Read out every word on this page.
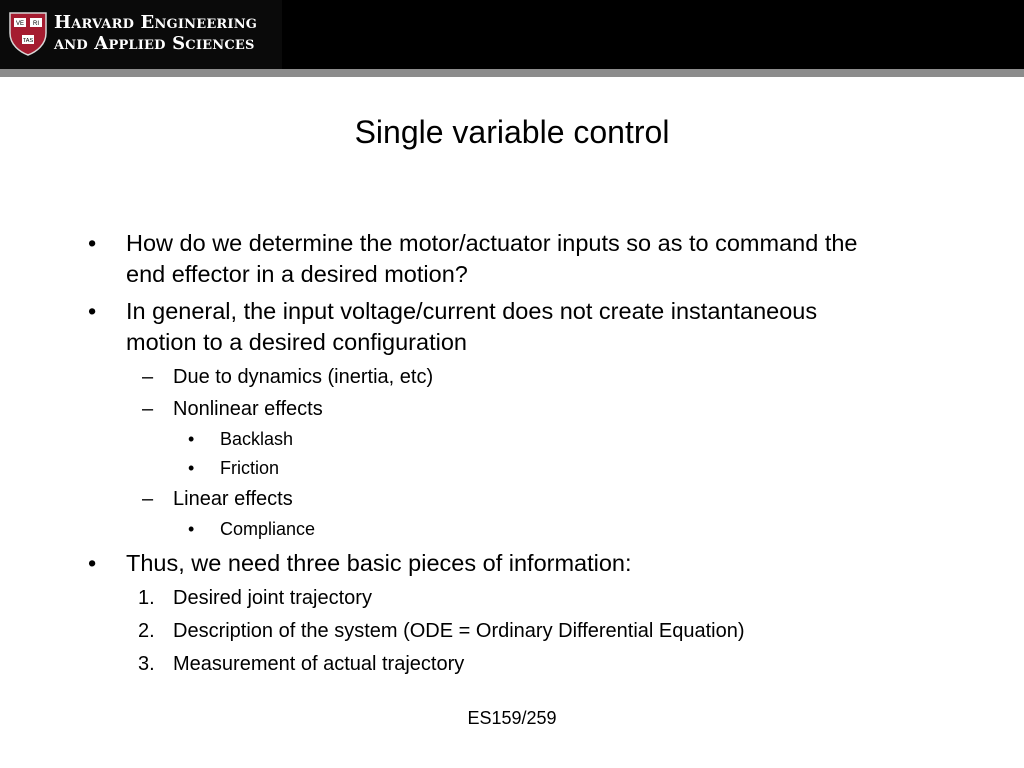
VE RI
TAS
Harvard Engineering
and Applied Sciences
Single variable control
• How do we determine the motor/actuator inputs so as to command the
end effector in a desired motion?
• In general, the input voltage/current does not create instantaneous
motion to a desired configuration
– Due to dynamics (inertia, etc)
– Nonlinear effects
• Backlash
• Friction
– Linear effects
• Compliance
• Thus, we need three basic pieces of information:
1. Desired joint trajectory
2. Description of the system (ODE = Ordinary Differential Equation)
3. Measurement of actual trajectory
ES159/259
